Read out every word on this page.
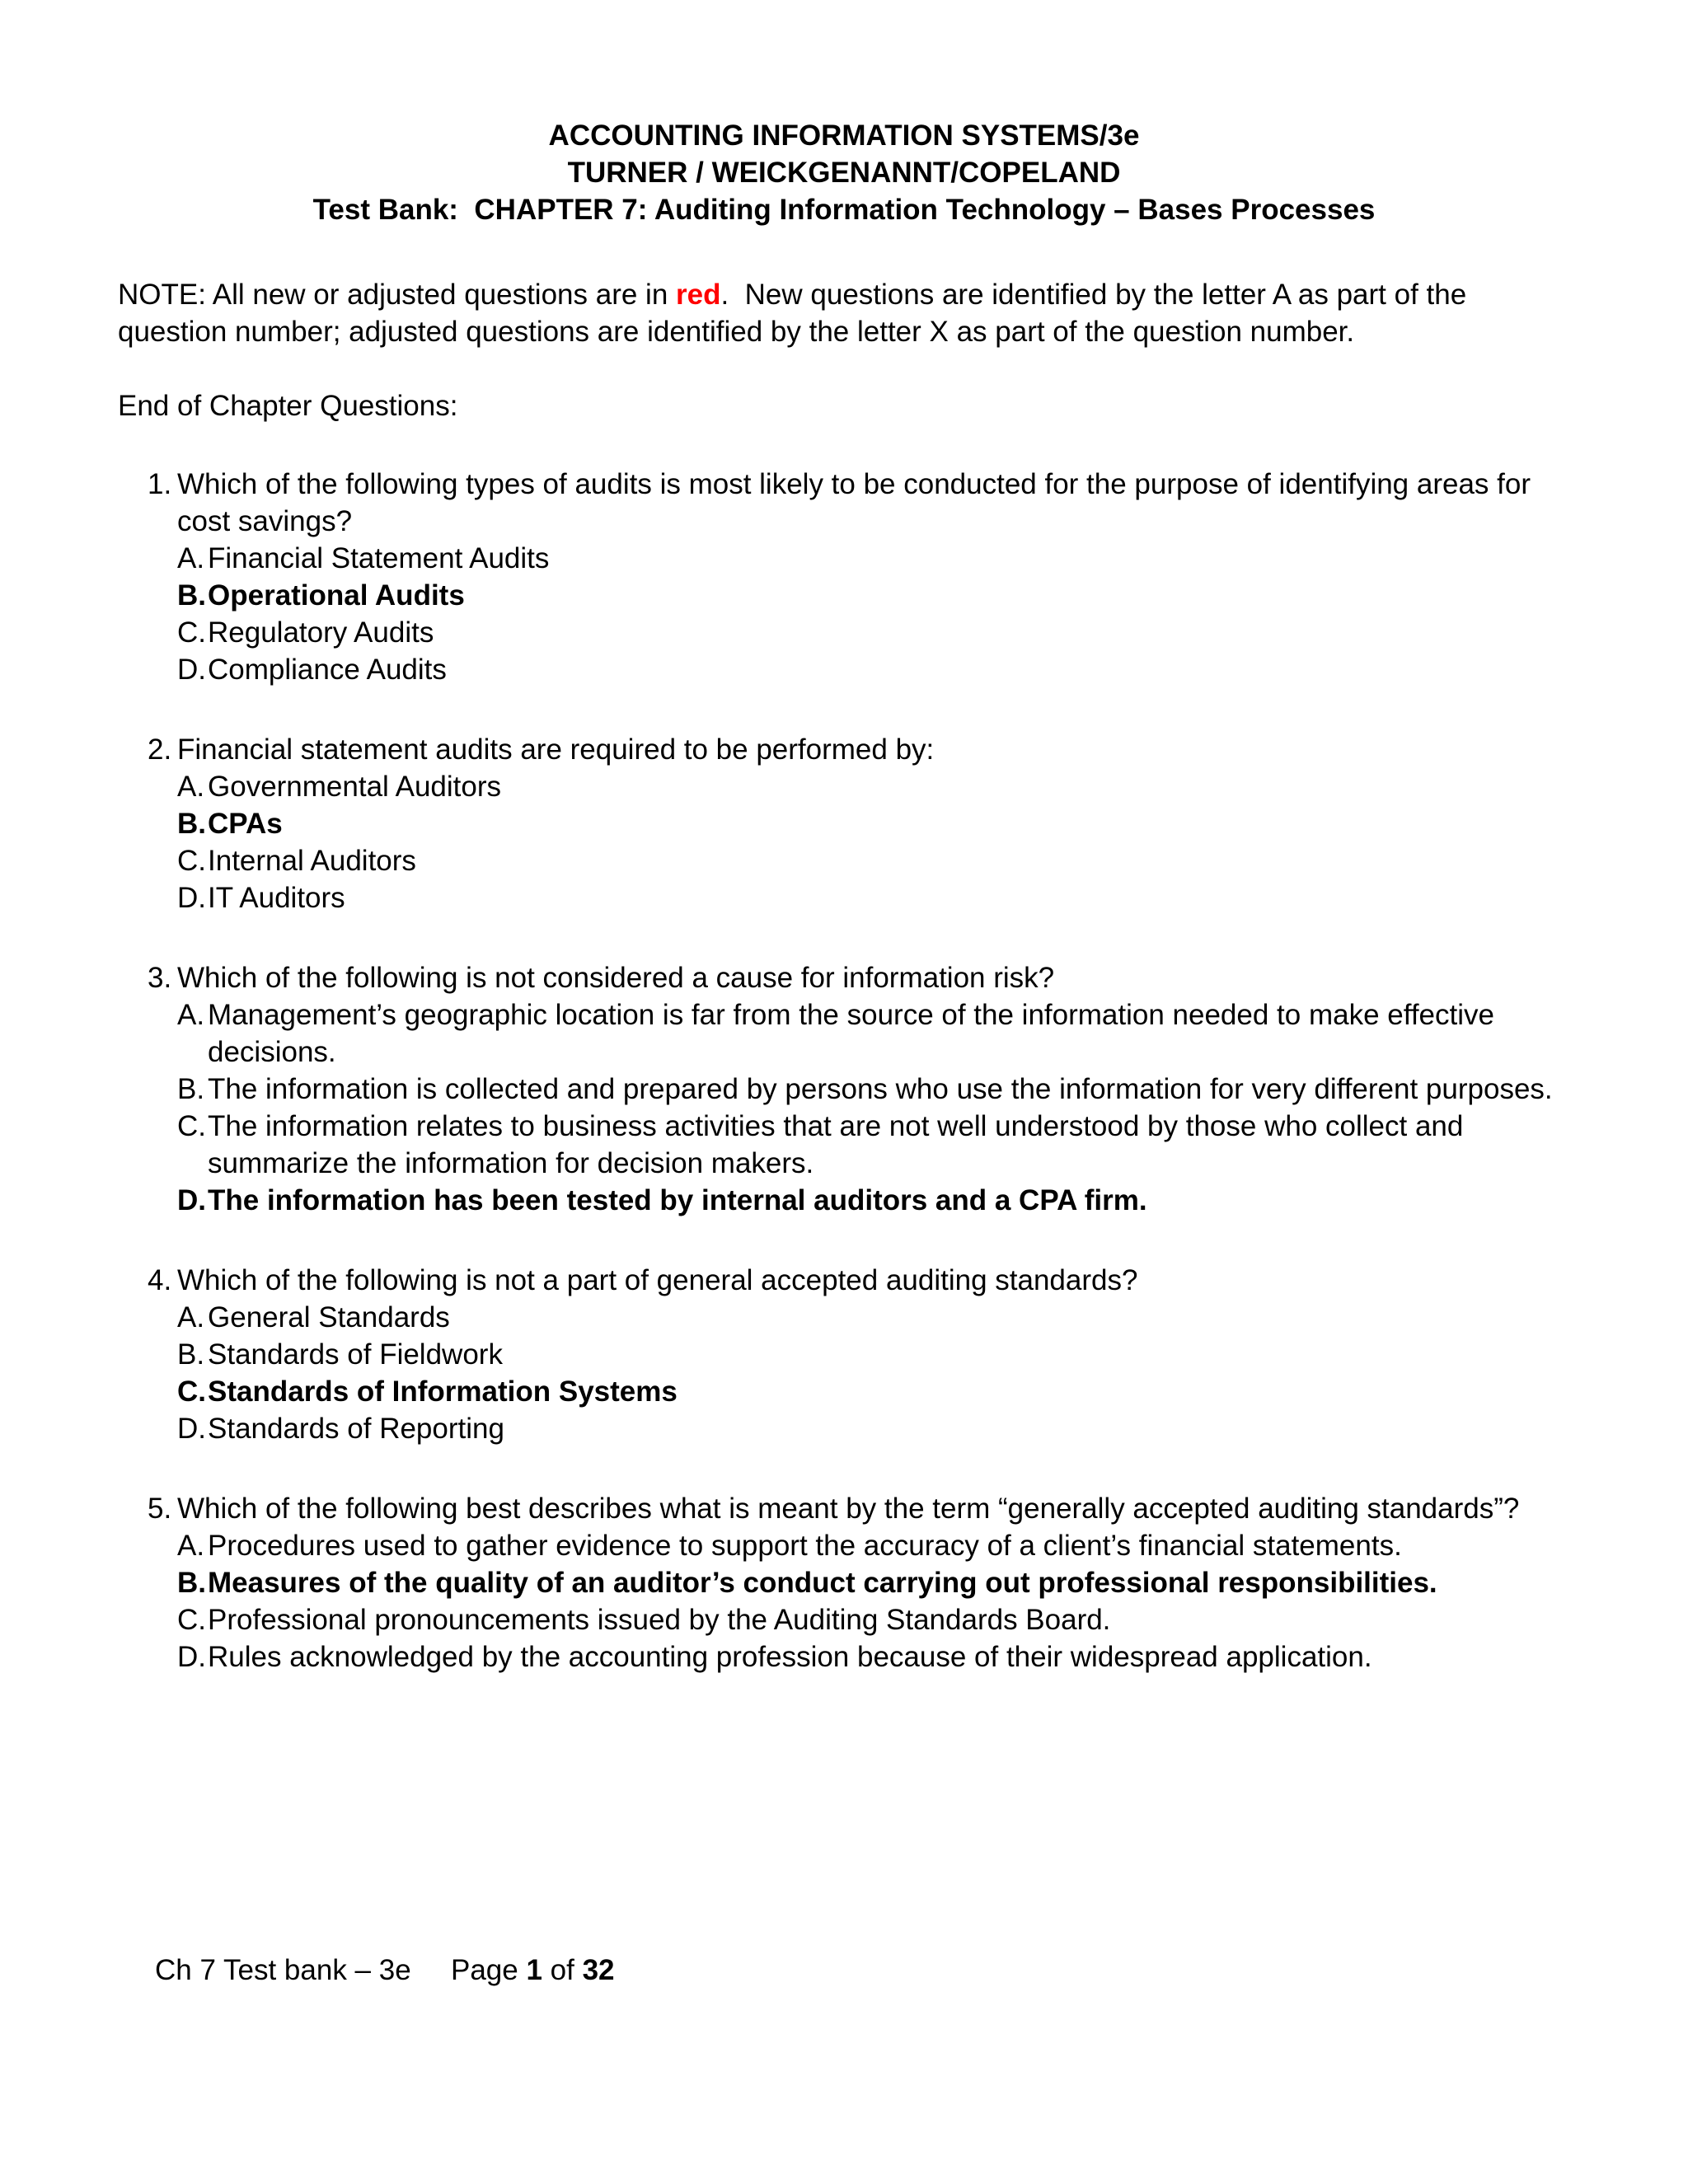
ACCOUNTING INFORMATION SYSTEMS/3e
TURNER / WEICKGENANNT/COPELAND
Test Bank:  CHAPTER 7: Auditing Information Technology – Bases Processes

NOTE: All new or adjusted questions are in red.  New questions are identified by the letter A as part of the question number; adjusted questions are identified by the letter X as part of the question number.

End of Chapter Questions:

1. Which of the following types of audits is most likely to be conducted for the purpose of identifying areas for cost savings?
A. Financial Statement Audits
B. Operational Audits
C. Regulatory Audits
D. Compliance Audits
2. Financial statement audits are required to be performed by:
A. Governmental Auditors
B. CPAs
C. Internal Auditors
D. IT Auditors
3. Which of the following is not considered a cause for information risk?
A. Management’s geographic location is far from the source of the information needed to make effective decisions.
B. The information is collected and prepared by persons who use the information for very different purposes.
C. The information relates to business activities that are not well understood by those who collect and summarize the information for decision makers.
D. The information has been tested by internal auditors and a CPA firm.
4. Which of the following is not a part of general accepted auditing standards?
A. General Standards
B. Standards of Fieldwork
C. Standards of Information Systems
D. Standards of Reporting
5. Which of the following best describes what is meant by the term “generally accepted auditing standards”?
A. Procedures used to gather evidence to support the accuracy of a client’s financial statements.
B. Measures of the quality of an auditor’s conduct carrying out professional responsibilities.
C. Professional pronouncements issued by the Auditing Standards Board.
D. Rules acknowledged by the accounting profession because of their widespread application.
Ch 7 Test bank – 3e Page 1 of 32
